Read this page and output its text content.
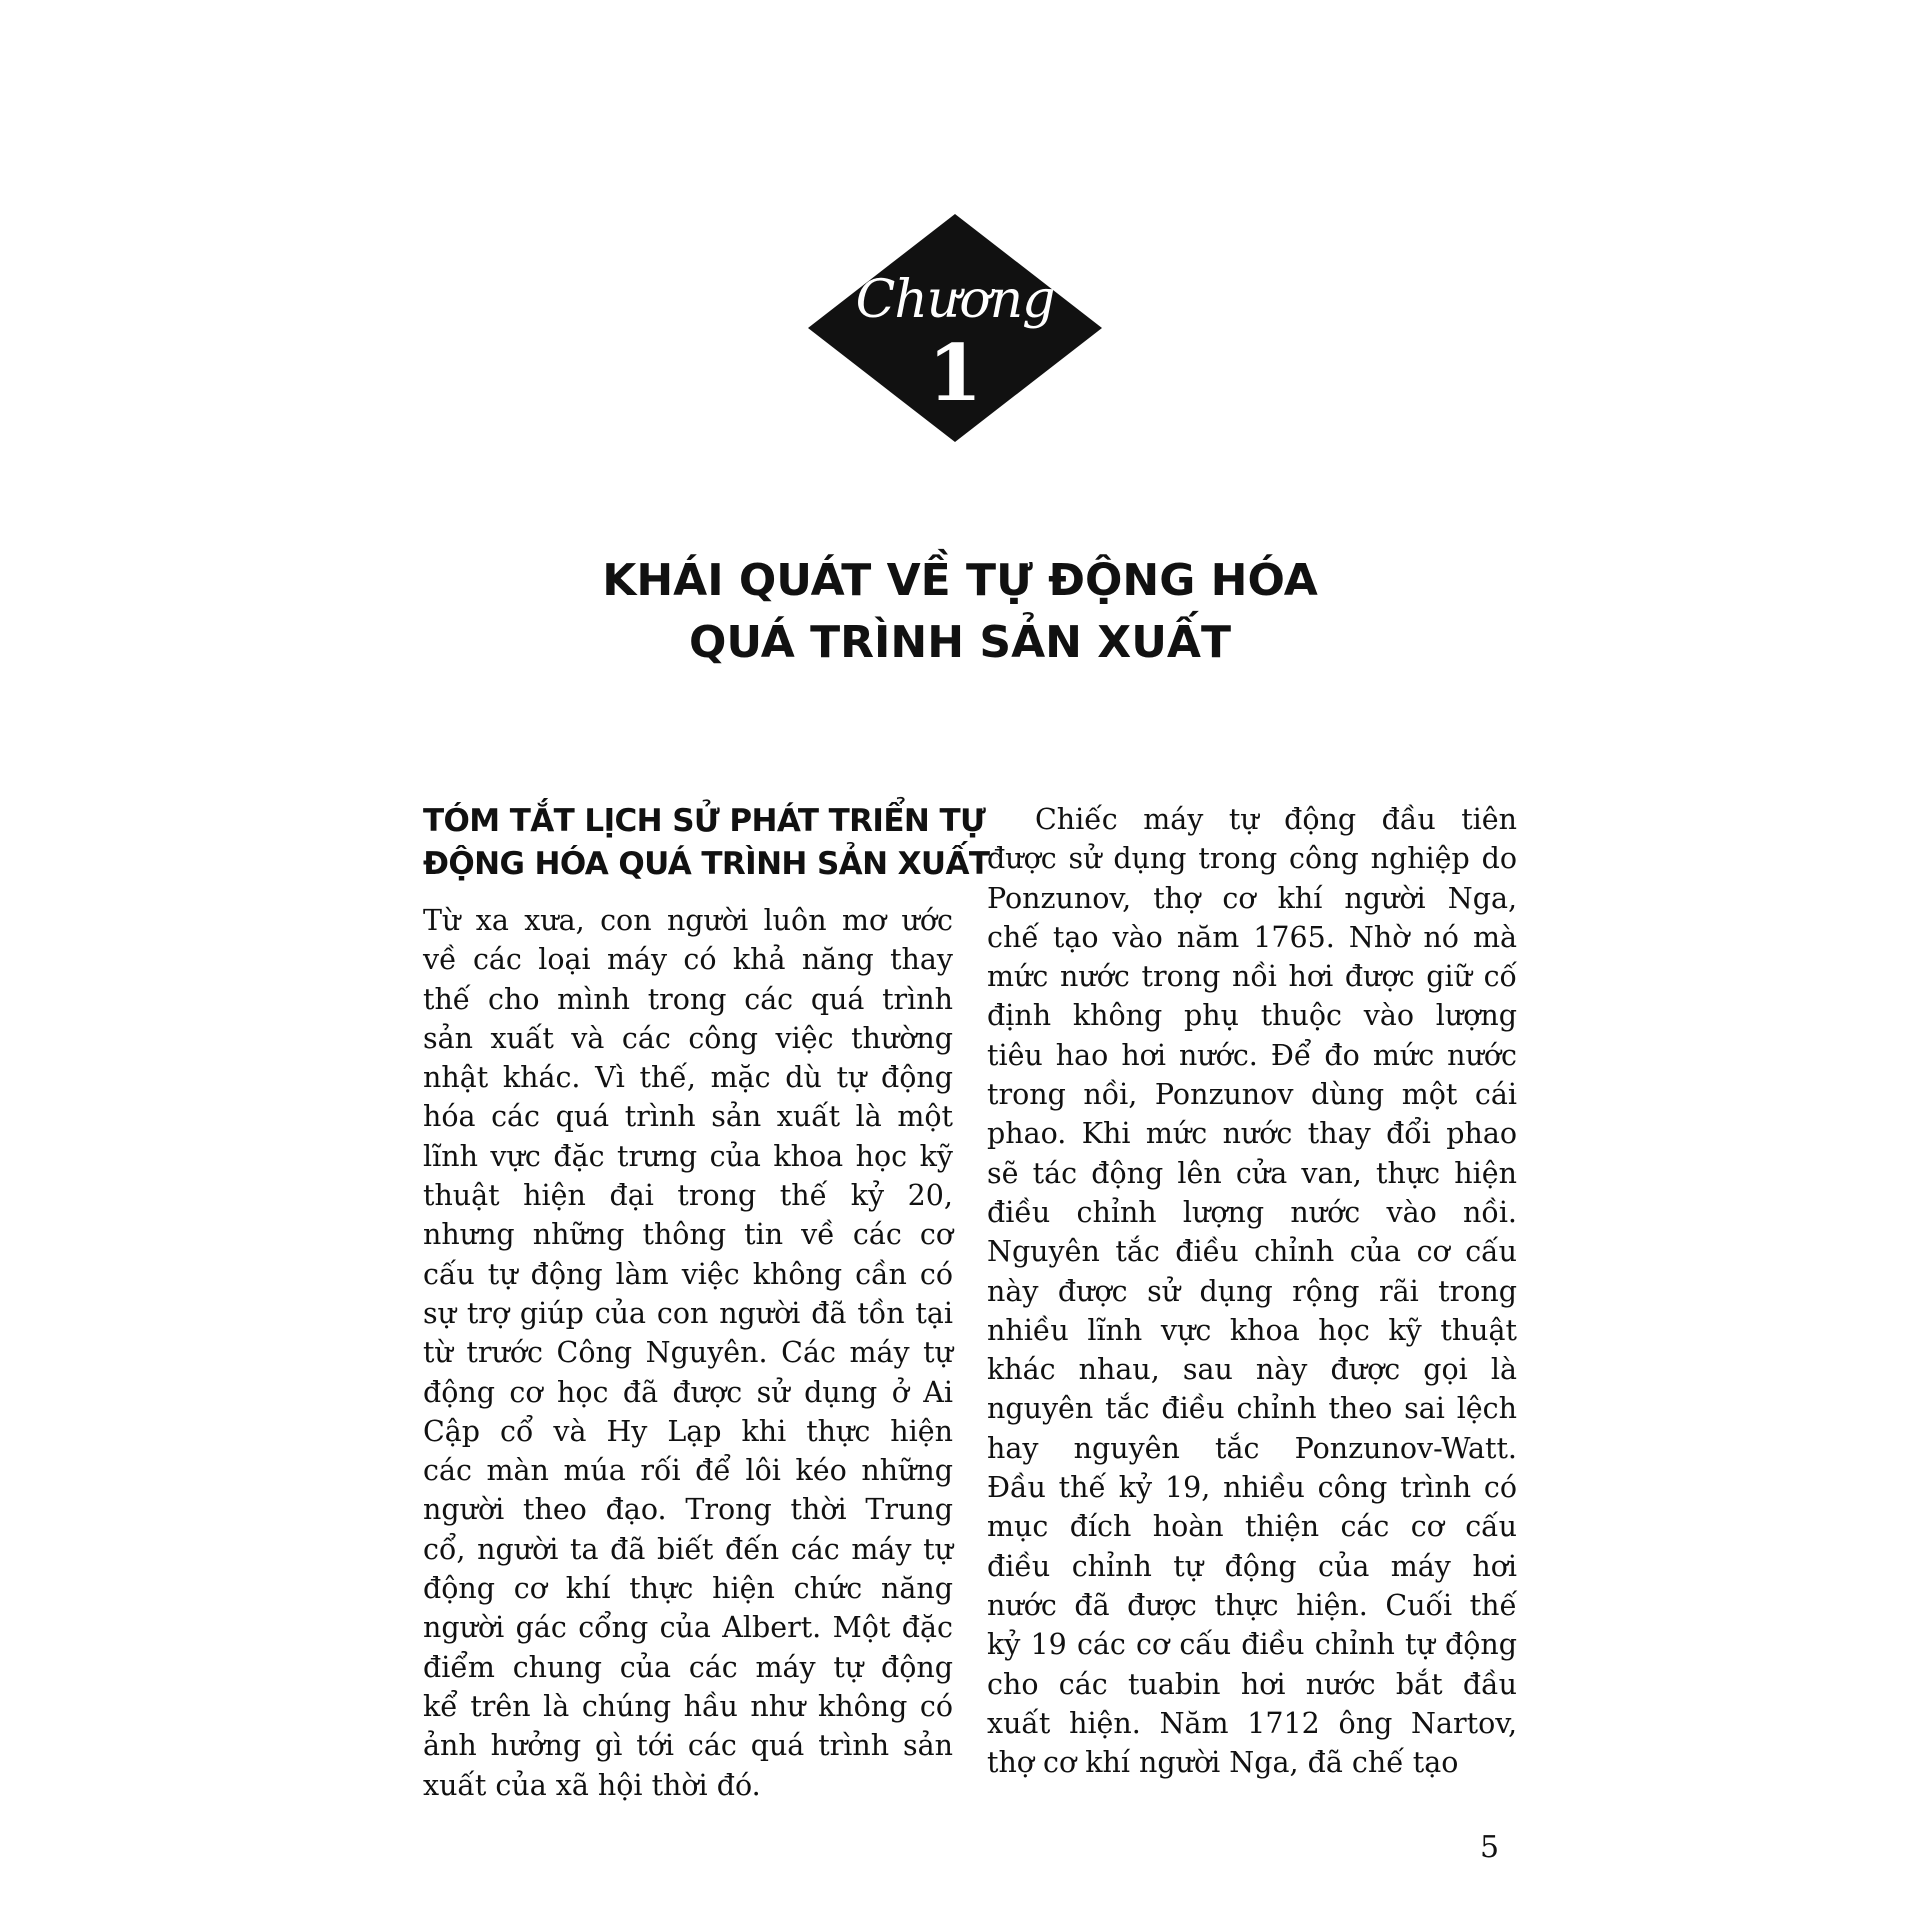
Chương
1
KHÁI QUÁT VỀ TỰ ĐỘNG HÓA
QUÁ TRÌNH SẢN XUẤT
TÓM TẮT LỊCH SỬ PHÁT TRIỂN TỰ
ĐỘNG HÓA QUÁ TRÌNH SẢN XUẤT

Từ xa xưa, con người luôn mơ ước
về các loại máy có khả năng thay
thế cho mình trong các quá trình
sản xuất và các công việc thường
nhật khác. Vì thế, mặc dù tự động
hóa các quá trình sản xuất là một
lĩnh vực đặc trưng của khoa học kỹ
thuật hiện đại trong thế kỷ 20,
nhưng những thông tin về các cơ
cấu tự động làm việc không cần có
sự trợ giúp của con người đã tồn tại
từ trước Công Nguyên. Các máy tự
động cơ học đã được sử dụng ở Ai
Cập cổ và Hy Lạp khi thực hiện
các màn múa rối để lôi kéo những
người theo đạo. Trong thời Trung
cổ, người ta đã biết đến các máy tự
động cơ khí thực hiện chức năng
người gác cổng của Albert. Một đặc
điểm chung của các máy tự động
kể trên là chúng hầu như không có
ảnh hưởng gì tới các quá trình sản
xuất của xã hội thời đó.

Chiếc máy tự động đầu tiên
được sử dụng trong công nghiệp do
Ponzunov, thợ cơ khí người Nga,
chế tạo vào năm 1765. Nhờ nó mà
mức nước trong nồi hơi được giữ cố
định không phụ thuộc vào lượng
tiêu hao hơi nước. Để đo mức nước
trong nồi, Ponzunov dùng một cái
phao. Khi mức nước thay đổi phao
sẽ tác động lên cửa van, thực hiện
điều chỉnh lượng nước vào nồi.
Nguyên tắc điều chỉnh của cơ cấu
này được sử dụng rộng rãi trong
nhiều lĩnh vực khoa học kỹ thuật
khác nhau, sau này được gọi là
nguyên tắc điều chỉnh theo sai lệch
hay nguyên tắc Ponzunov-Watt.
Đầu thế kỷ 19, nhiều công trình có
mục đích hoàn thiện các cơ cấu
điều chỉnh tự động của máy hơi
nước đã được thực hiện. Cuối thế
kỷ 19 các cơ cấu điều chỉnh tự động
cho các tuabin hơi nước bắt đầu
xuất hiện. Năm 1712 ông Nartov,
thợ cơ khí người Nga, đã chế tạo

5
